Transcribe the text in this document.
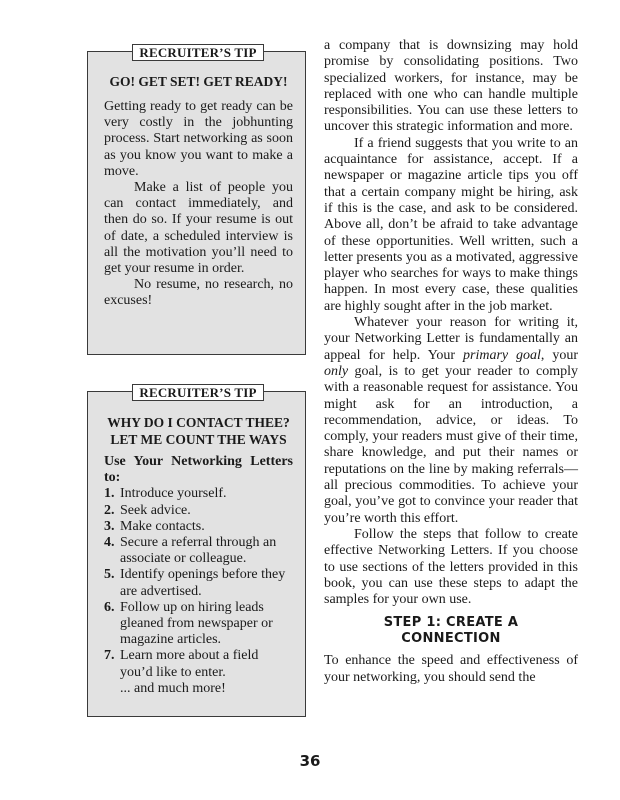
RECRUITER’S TIP
GO! GET SET! GET READY!

Getting ready to get ready can be very costly in the jobhunting process. Start networking as soon as you know you want to make a move.

Make a list of people you can contact immediately, and then do so. If your resume is out of date, a scheduled interview is all the motivation you’ll need to get your resume in order.

No resume, no research, no excuses!

RECRUITER’S TIP
WHY DO I CONTACT THEE?
LET ME COUNT THE WAYS
Use Your Networking Letters to:
1. Introduce yourself.
2. Seek advice.
3. Make contacts.
4. Secure a referral through an associate or colleague.
5. Identify openings before they are advertised.
6. Follow up on hiring leads gleaned from newspaper or magazine articles.
7. Learn more about a field you’d like to enter.
... and much more!

a company that is downsizing may hold promise by consolidating positions. Two specialized workers, for instance, may be replaced with one who can handle multiple responsibilities. You can use these letters to uncover this strategic information and more.

If a friend suggests that you write to an acquaintance for assistance, accept. If a newspaper or magazine article tips you off that a certain company might be hiring, ask if this is the case, and ask to be considered. Above all, don’t be afraid to take advantage of these opportunities. Well written, such a letter presents you as a motivated, aggressive player who searches for ways to make things happen. In most every case, these qualities are highly sought after in the job market.

Whatever your reason for writing it, your Networking Letter is fundamentally an appeal for help. Your primary goal, your only goal, is to get your reader to comply with a reasonable request for assistance. You might ask for an introduction, a recommendation, advice, or ideas. To comply, your readers must give of their time, share knowledge, and put their names or reputations on the line by making referrals—all precious commodities. To achieve your goal, you’ve got to convince your reader that you’re worth this effort.

Follow the steps that follow to create effective Networking Letters. If you choose to use sections of the letters provided in this book, you can use these steps to adapt the samples for your own use.

STEP 1: CREATE A
CONNECTION

To enhance the speed and effectiveness of your networking, you should send the

36
